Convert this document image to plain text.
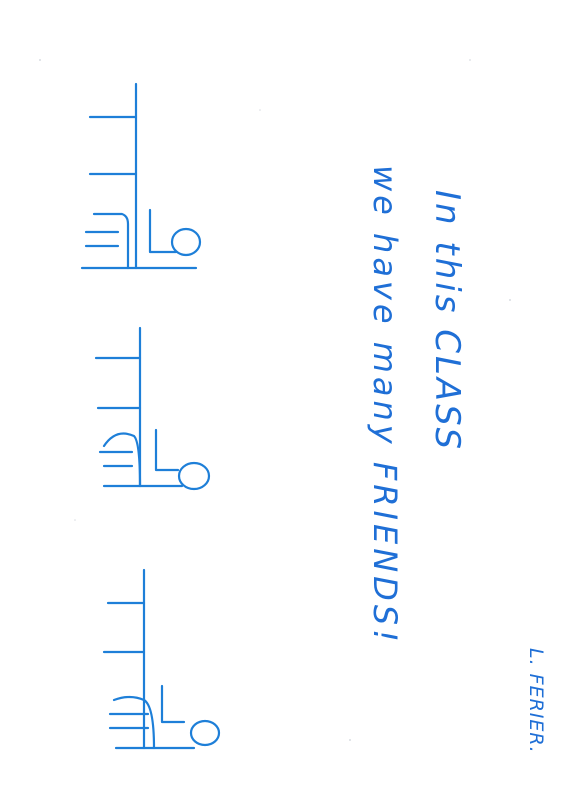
In this CLASS
we have many FRIENDS!
L. FERIER.
